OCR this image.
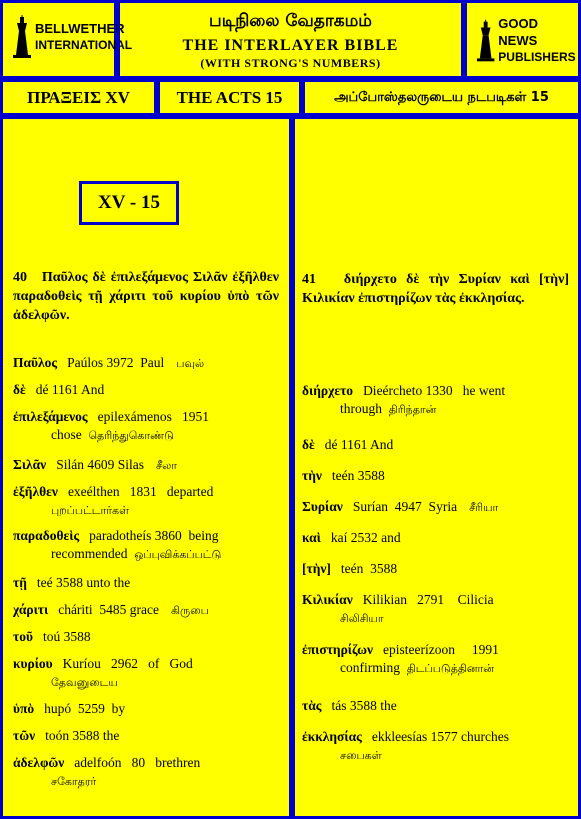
BELLWETHER
INTERNATIONAL
படிநிலை வேதாகமம்
THE INTERLAYER BIBLE
(WITH STRONG'S NUMBERS)
GOOD NEWS
PUBLISHERS
ΠΡΑΞΕΙΣ XV	THE ACTS 15	அப்போஸ்தலருடைய நடபடிகள் 15
XV - 15
40 Παῦλος δὲ ἐπιλεξάμενος Σιλᾶν ἐξῆλθεν παραδοθεὶς τῇ χάριτι τοῦ κυρίου ὑπὸ τῶν ἀδελφῶν.
41 διήρχετο δὲ τὴν Συρίαν καὶ [τὴν] Κιλικίαν ἐπιστηρίζων τὰς ἐκκλησίας.
Παῦλος Paúlos 3972  Paul பவுல்
δὲ dé 1161 And
ἐπιλεξάμενος epilexámenos   1951
chose  தெரிந்துகொண்டு
Σιλᾶν Silán 4609 Silas சீலா
ἐξῆλθεν exeélthen   1831   departed
புறப்பட்டார்கள்
παραδοθεὶς paradotheís 3860  being
recommended  ஒப்புவிக்கப்பட்டு
τῇ teé 3588 unto the
χάριτι cháriti  5485 grace கிருபை
τοῦ toú 3588
κυρίου Kuríou   2962   of   God
தேவனுடைய
ὑπὸ hupó  5259  by
τῶν toón 3588 the
ἀδελφῶν adelfoón   80   brethren
சகோதரர்
διήρχετο Dieércheto 1330   he went
through  திரிந்தான்
δὲ dé 1161 And
τὴν teén 3588
Συρίαν Surían  4947  Syria சீரியா
καὶ kaí 2532 and
[τὴν] teén  3588
Κιλικίαν Kilikian   2791    Cilicia
சிலிசியா
ἐπιστηρίζων episteerízoon     1991
confirming  திடப்படுத்தினான்
τὰς tás 3588 the
ἐκκλησίας ekkleesías 1577 churches
சபைகள்
